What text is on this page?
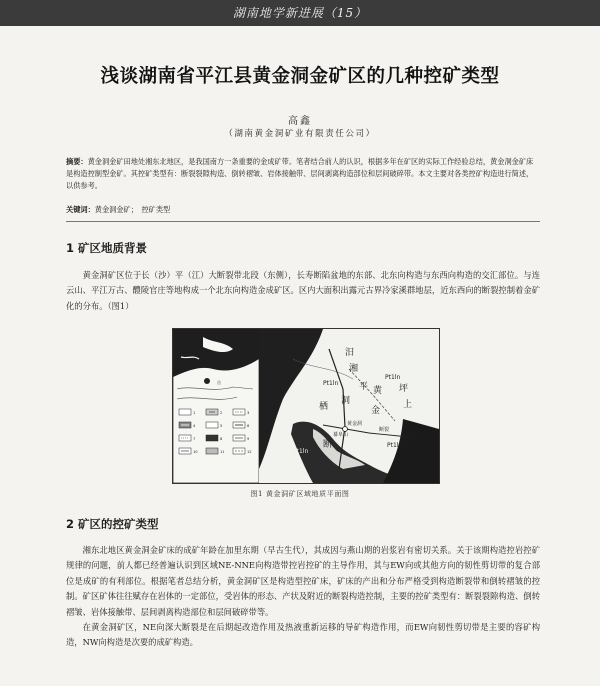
湖南地学新进展（15）
浅谈湖南省平江县黄金洞金矿区的几种控矿类型
高鑫
（湖南黄金洞矿业有限责任公司）
摘要：黄金洞金矿田地处湘东北地区，是我国南方一条重要的金成矿带。笔者结合前人的认识，根据多年在矿区的实际工作经验总结，黄金洞金矿床是构造控制型金矿。其控矿类型有：断裂裂隙构造、倒转褶皱、岩体接触带、层间剥离构造部位和层间破碎带。本文主要对各类控矿构造进行简述，以供参考。
关键词：黄金洞金矿；　控矿类型
1 矿区地质背景
黄金洞矿区位于长（沙）平（江）大断裂带北段（东侧），长寿断陷盆地的东部、北东向构造与东西向构造的交汇部位。与连云山、平江万古、醴陵官庄等地构成一个北东向构造金成矿区。区内大面积出露元古界冷家溪群地层，近东西向的断裂控制着金矿化的分布。（图1）
岳
1	2	3
4	5	6
7	8	9
10	11	12
汨
湘
平 黄
金
坪
上
洞
栖
断
Pt1ln
Pt1ln
Pt1ln
Pt1ln
幕阜山
黄金洞
断裂
图1 黄金洞矿区域地质平面图
2 矿区的控矿类型
湘东北地区黄金洞金矿床的成矿年龄在加里东期（早古生代），其成因与燕山期的岩浆岩有密切关系。关于该期构造控岩控矿规律的问题，前人都已经普遍认识到区域NE-NNE向构造带控岩控矿的主导作用，其与EW向或其他方向的韧性剪切带的复合部位是成矿的有利部位。根据笔者总结分析，黄金洞矿区是构造型控矿床，矿床的产出和分布严格受到构造断裂带和倒转褶皱的控制。矿区矿体往往赋存在岩体的一定部位，受岩体的形态、产状及附近的断裂构造控制，主要的控矿类型有：断裂裂隙构造、倒转褶皱、岩体接触带、层间剥离构造部位和层间破碎带等。
在黄金洞矿区，NE向深大断裂是在后期起改造作用及热液重新运移的导矿构造作用，而EW向韧性剪切带是主要的容矿构造，NW向构造是次要的成矿构造。
